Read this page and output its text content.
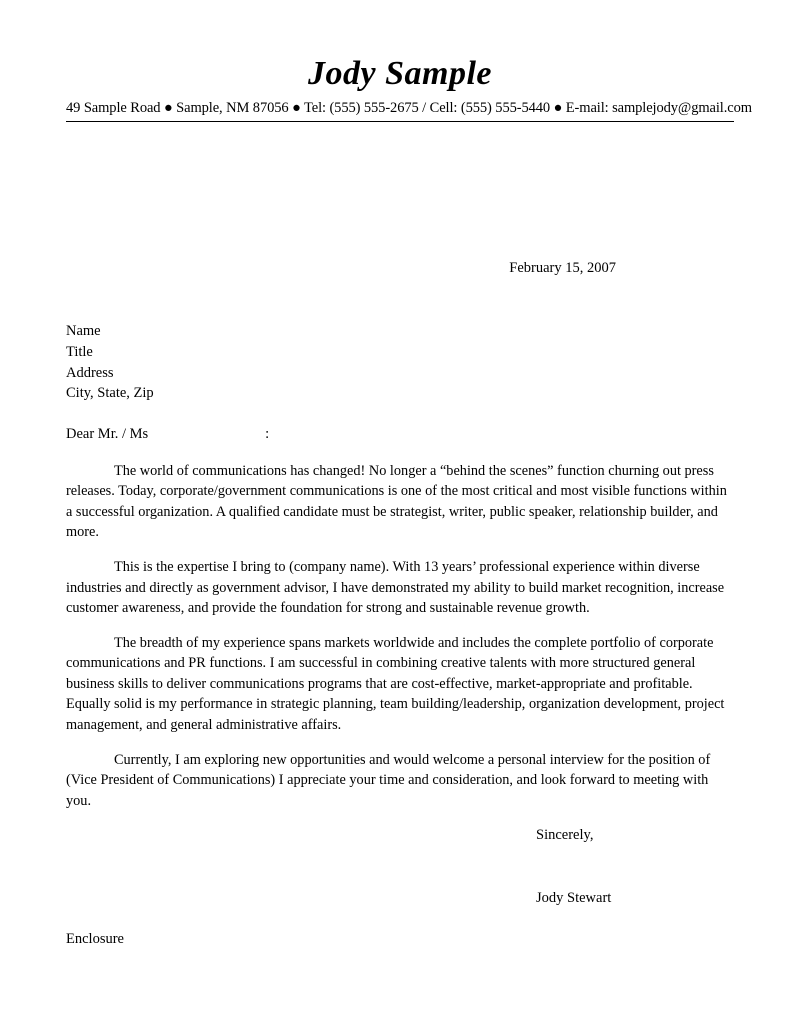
Jody Sample
49 Sample Road ● Sample, NM 87056 ● Tel: (555) 555-2675 / Cell: (555) 555-5440 ● E-mail: samplejody@gmail.com
February 15, 2007
Name
Title
Address
City, State, Zip
Dear Mr. / Ms	:

The world of communications has changed! No longer a “behind the scenes” function churning out press releases. Today, corporate/government communications is one of the most critical and most visible functions within a successful organization. A qualified candidate must be strategist, writer, public speaker, relationship builder, and more.

This is the expertise I bring to (company name). With 13 years’ professional experience within diverse industries and directly as government advisor, I have demonstrated my ability to build market recognition, increase customer awareness, and provide the foundation for strong and sustainable revenue growth.

The breadth of my experience spans markets worldwide and includes the complete portfolio of corporate communications and PR functions. I am successful in combining creative talents with more structured general business skills to deliver communications programs that are cost-effective, market-appropriate and profitable. Equally solid is my performance in strategic planning, team building/leadership, organization development, project management, and general administrative affairs.

Currently, I am exploring new opportunities and would welcome a personal interview for the position of (Vice President of Communications) I appreciate your time and consideration, and look forward to meeting with you.

Sincerely,
Jody Stewart
Enclosure
